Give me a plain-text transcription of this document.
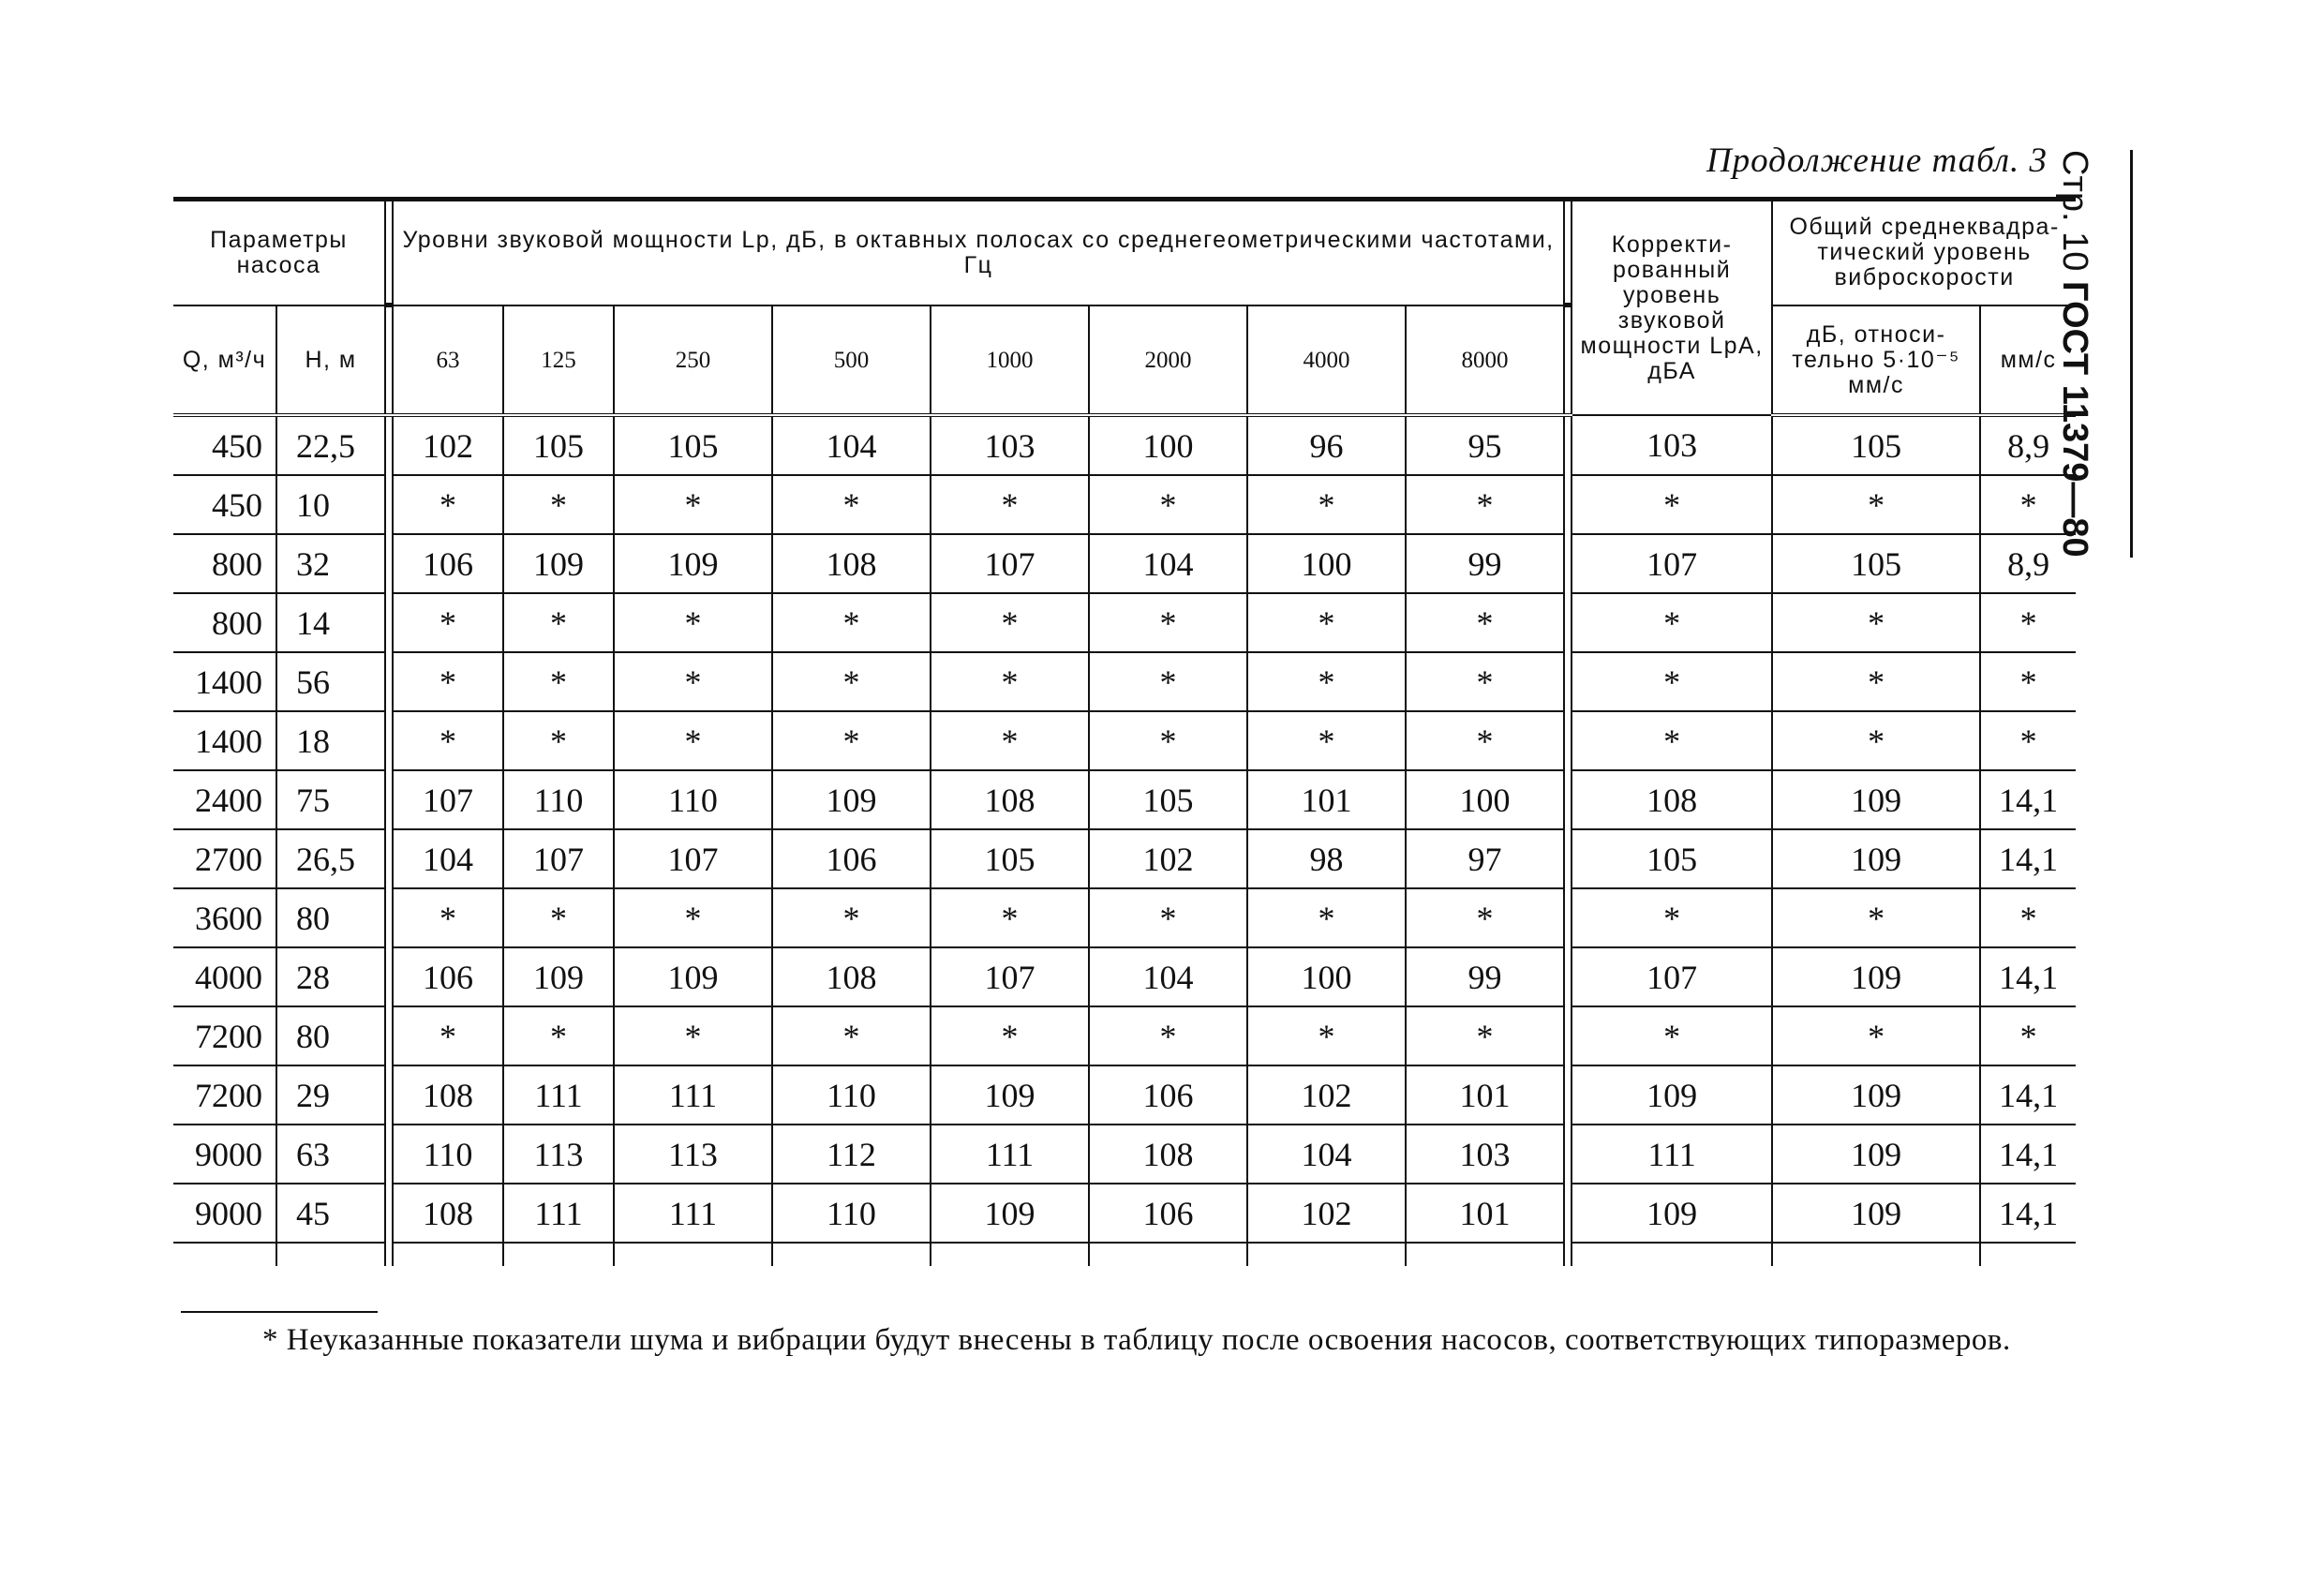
Продолжение табл. 3 Стр. 10 ГОСТ 11379—80
Параметры насоса			Уровни звуковой мощности Lр, дБ, в октавных полосах со среднегеометрическими частотами, Гц									Корректи-рованный уровень звуковой мощности LрА, дБА	Общий среднеквадра-тический уровень виброскорости	
Q, м³/ч	H, м		63	125	250	500	1000	2000	4000	8000			дБ, относи-тельно 5·10⁻⁵ мм/с	мм/с
450	22,5		102	105	105	104	103	100	96	95		103	105	8,9
450	10		*	*	*	*	*	*	*	*		*	*	*
800	32		106	109	109	108	107	104	100	99		107	105	8,9
800	14		*	*	*	*	*	*	*	*		*	*	*
1400	56		*	*	*	*	*	*	*	*		*	*	*
1400	18		*	*	*	*	*	*	*	*		*	*	*
2400	75		107	110	110	109	108	105	101	100		108	109	14,1
2700	26,5		104	107	107	106	105	102	98	97		105	109	14,1
3600	80		*	*	*	*	*	*	*	*		*	*	*
4000	28		106	109	109	108	107	104	100	99		107	109	14,1
7200	80		*	*	*	*	*	*	*	*		*	*	*
7200	29		108	111	111	110	109	106	102	101		109	109	14,1
9000	63		110	113	113	112	111	108	104	103		111	109	14,1
9000	45		108	111	111	110	109	106	102	101		109	109	14,1

* Неуказанные показатели шума и вибрации будут внесены в таблицу после освоения насосов, соответствующих типоразмеров.
